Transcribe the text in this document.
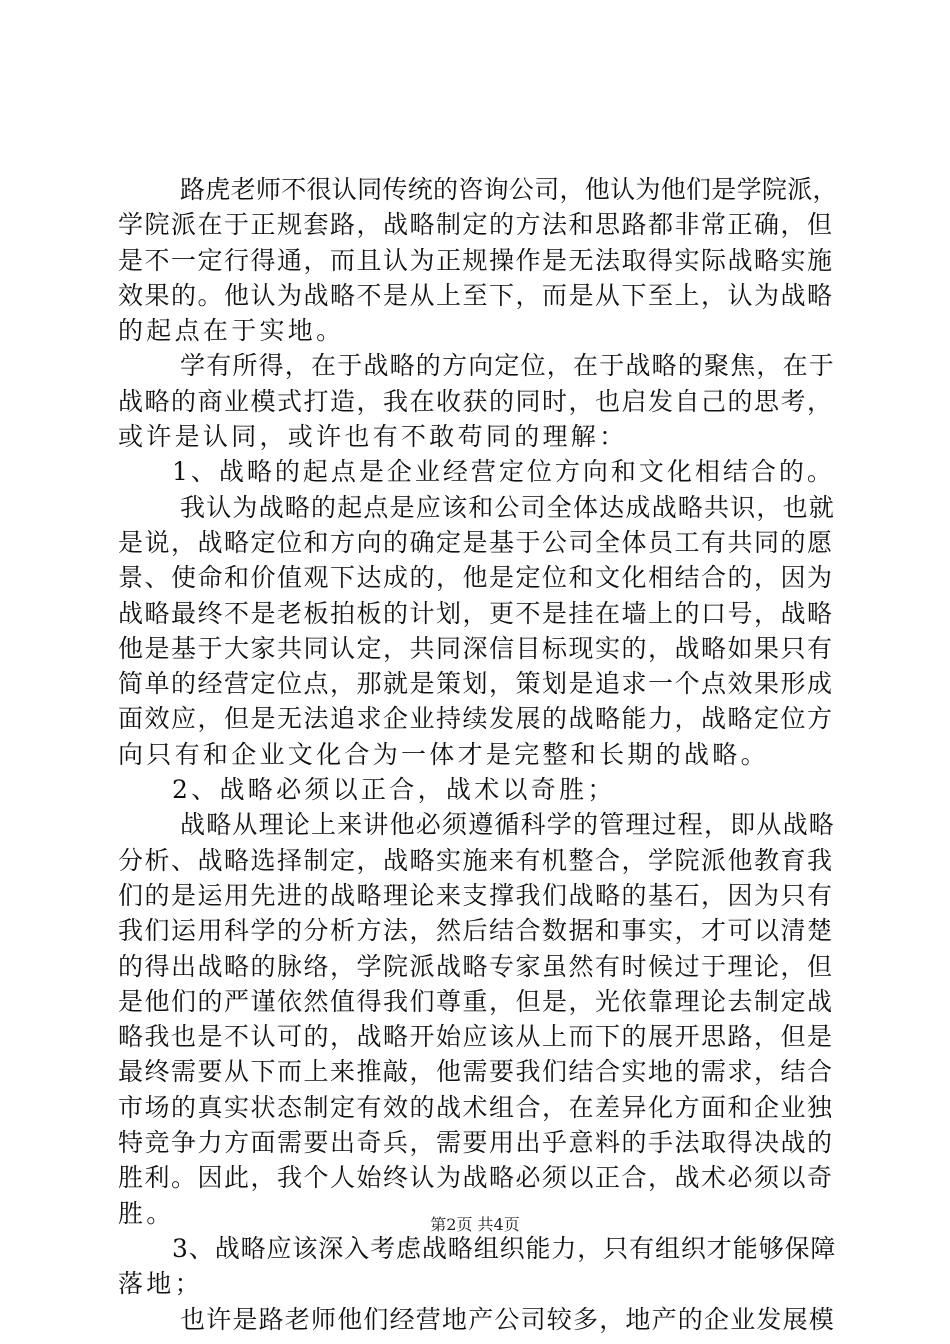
路虎老师不很认同传统的咨询公司，他认为他们是学院派，
学院派在于正规套路，战略制定的方法和思路都非常正确，但
是不一定行得通，而且认为正规操作是无法取得实际战略实施
效果的。他认为战略不是从上至下，而是从下至上，认为战略
的起点在于实地。
学有所得，在于战略的方向定位，在于战略的聚焦，在于
战略的商业模式打造，我在收获的同时，也启发自己的思考，
或许是认同，或许也有不敢苟同的理解：
1、战略的起点是企业经营定位方向和文化相结合的。
我认为战略的起点是应该和公司全体达成战略共识，也就
是说，战略定位和方向的确定是基于公司全体员工有共同的愿
景、使命和价值观下达成的，他是定位和文化相结合的，因为
战略最终不是老板拍板的计划，更不是挂在墙上的口号，战略
他是基于大家共同认定，共同深信目标现实的，战略如果只有
简单的经营定位点，那就是策划，策划是追求一个点效果形成
面效应，但是无法追求企业持续发展的战略能力，战略定位方
向只有和企业文化合为一体才是完整和长期的战略。
2、战略必须以正合，战术以奇胜；
战略从理论上来讲他必须遵循科学的管理过程，即从战略
分析、战略选择制定，战略实施来有机整合，学院派他教育我
们的是运用先进的战略理论来支撑我们战略的基石，因为只有
我们运用科学的分析方法，然后结合数据和事实，才可以清楚
的得出战略的脉络，学院派战略专家虽然有时候过于理论，但
是他们的严谨依然值得我们尊重，但是，光依靠理论去制定战
略我也是不认可的，战略开始应该从上而下的展开思路，但是
最终需要从下而上来推敲，他需要我们结合实地的需求，结合
市场的真实状态制定有效的战术组合，在差异化方面和企业独
特竞争力方面需要出奇兵，需要用出乎意料的手法取得决战的
胜利。因此，我个人始终认为战略必须以正合，战术必须以奇
胜。
3、战略应该深入考虑战略组织能力，只有组织才能够保障
落地；
也许是路老师他们经营地产公司较多，地产的企业发展模
第2页 共4页
